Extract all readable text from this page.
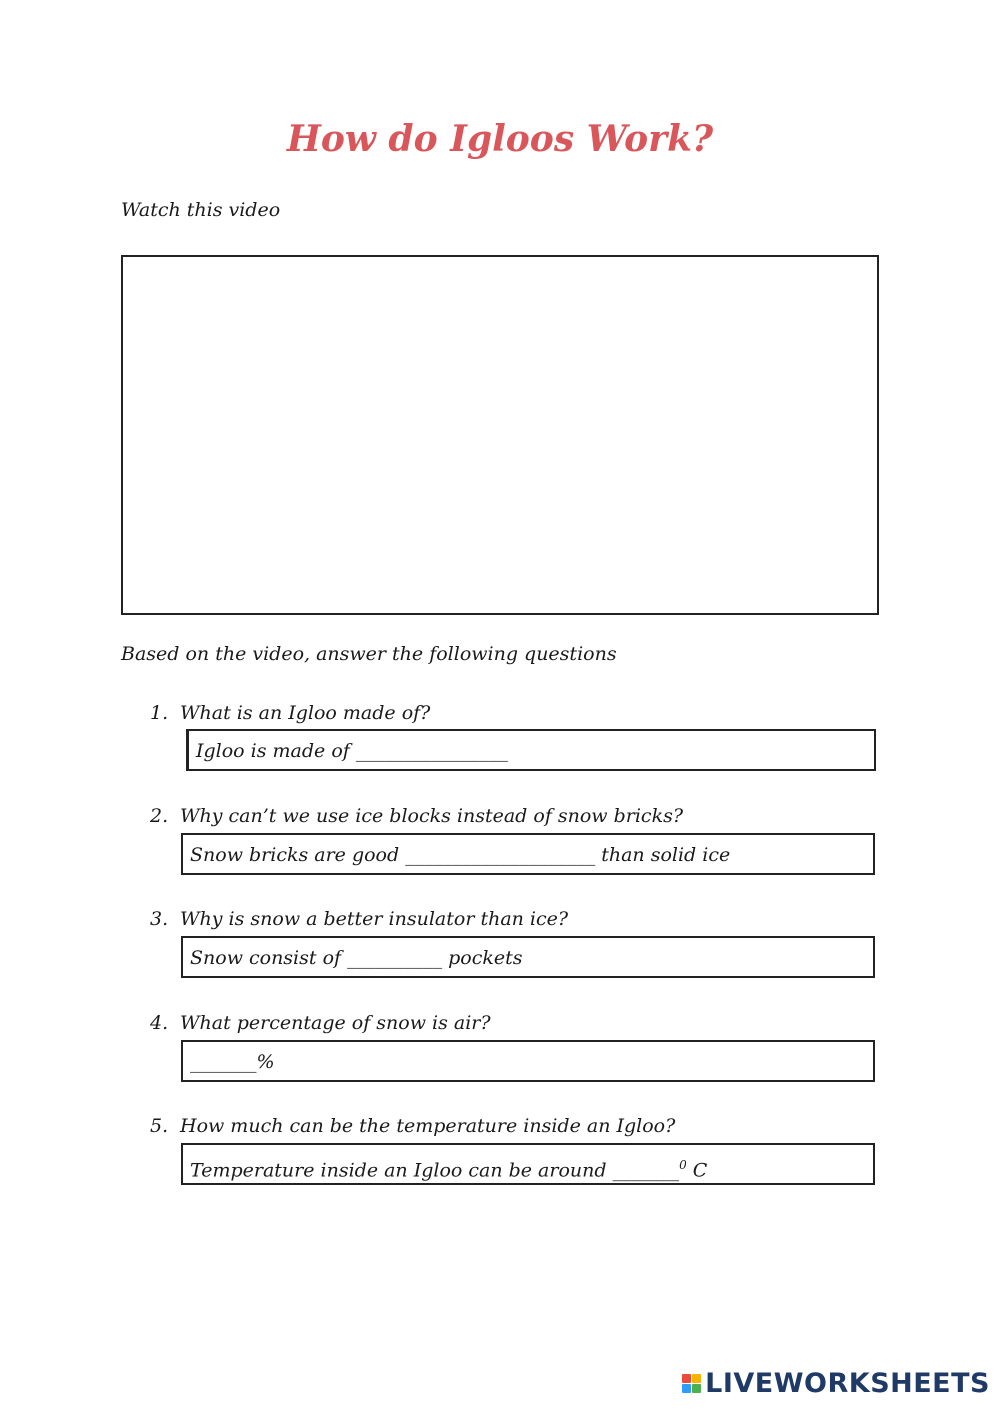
How do Igloos Work?
Watch this video
Based on the video, answer the following questions
1. What is an Igloo made of?
Igloo is made of ________________
2. Why can’t we use ice blocks instead of snow bricks?
Snow bricks are good ____________________ than solid ice
3. Why is snow a better insulator than ice?
Snow consist of __________ pockets
4. What percentage of snow is air?
_______%
5. How much can be the temperature inside an Igloo?
Temperature inside an Igloo can be around _______$^0$ C
LIVEWORKSHEETS
